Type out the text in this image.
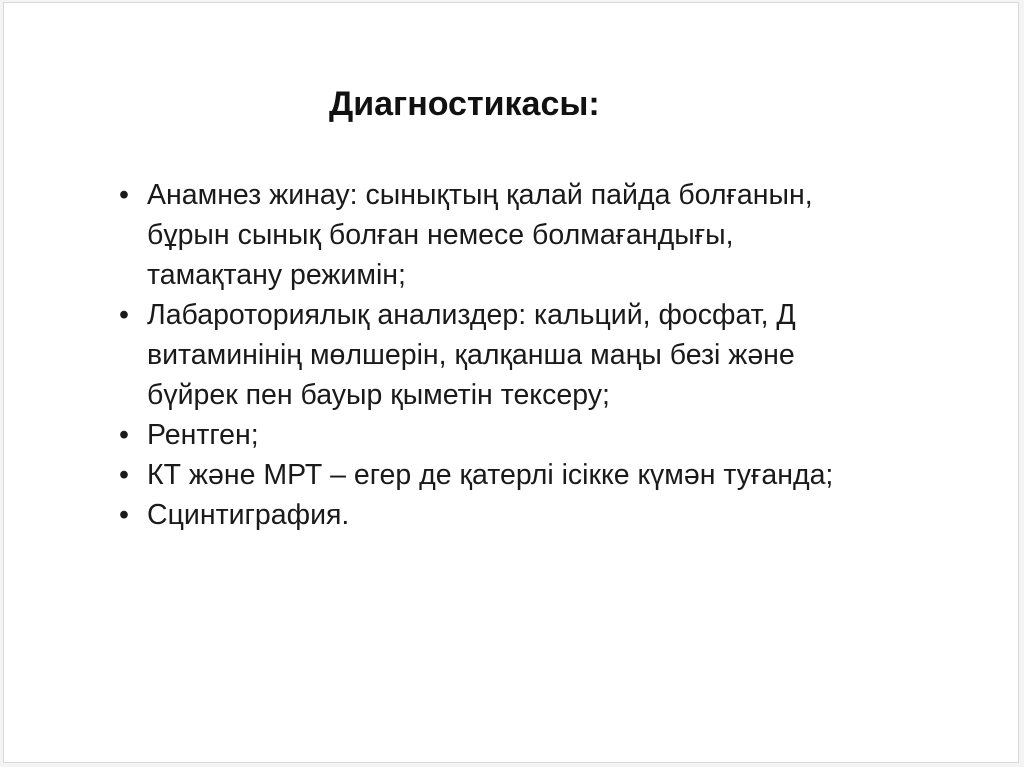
Диагностикасы:
• Анамнез жинау: сынықтың қалай пайда болғанын,
бұрын сынық болған немесе болмағандығы,
тамақтану режимін;
• Лабароториялық анализдер: кальций, фосфат, Д
витаминінің мөлшерін, қалқанша маңы безі және
бүйрек пен бауыр қыметін тексеру;
• Рентген;
• КТ және МРТ – егер де қатерлі ісікке күмән туғанда;
• Сцинтиграфия.
